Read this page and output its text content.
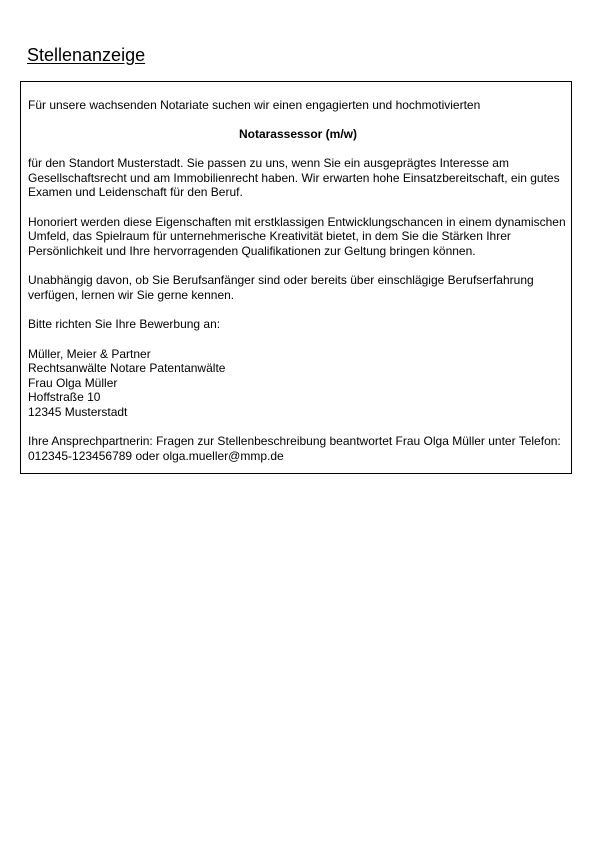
Stellenanzeige

Für unsere wachsenden Notariate suchen wir einen engagierten und hochmotivierten

Notarassessor (m/w)

für den Standort Musterstadt. Sie passen zu uns, wenn Sie ein ausgeprägtes Interesse am Gesellschaftsrecht und am Immobilienrecht haben. Wir erwarten hohe Einsatzbereitschaft, ein gutes Examen und Leidenschaft für den Beruf.

Honoriert werden diese Eigenschaften mit erstklassigen Entwicklungschancen in einem dynamischen Umfeld, das Spielraum für unternehmerische Kreativität bietet, in dem Sie die Stärken Ihrer Persönlichkeit und Ihre hervorragenden Qualifikationen zur Geltung bringen können.

Unabhängig davon, ob Sie Berufsanfänger sind oder bereits über einschlägige Berufserfahrung verfügen, lernen wir Sie gerne kennen.

Bitte richten Sie Ihre Bewerbung an:

Müller, Meier & Partner
Rechtsanwälte Notare Patentanwälte
Frau Olga Müller
Hoffstraße 10
12345 Musterstadt

Ihre Ansprechpartnerin: Fragen zur Stellenbeschreibung beantwortet Frau Olga Müller unter Telefon:
012345-123456789 oder olga.mueller@mmp.de
